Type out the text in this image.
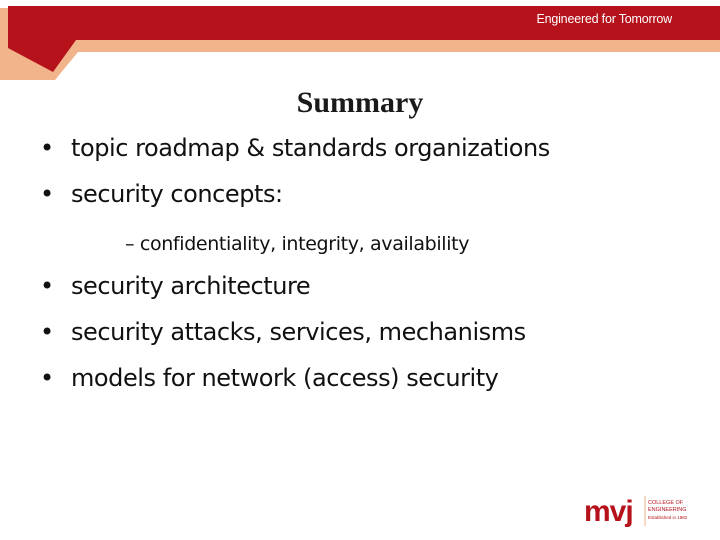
Engineered for Tomorrow
Summary
• topic roadmap & standards organizations
• security concepts:
– confidentiality, integrity, availability
• security architecture
• security attacks, services, mechanisms
• models for network (access) security
mvj	COLLEGE OF
ENGINEERING
Established in 1982
